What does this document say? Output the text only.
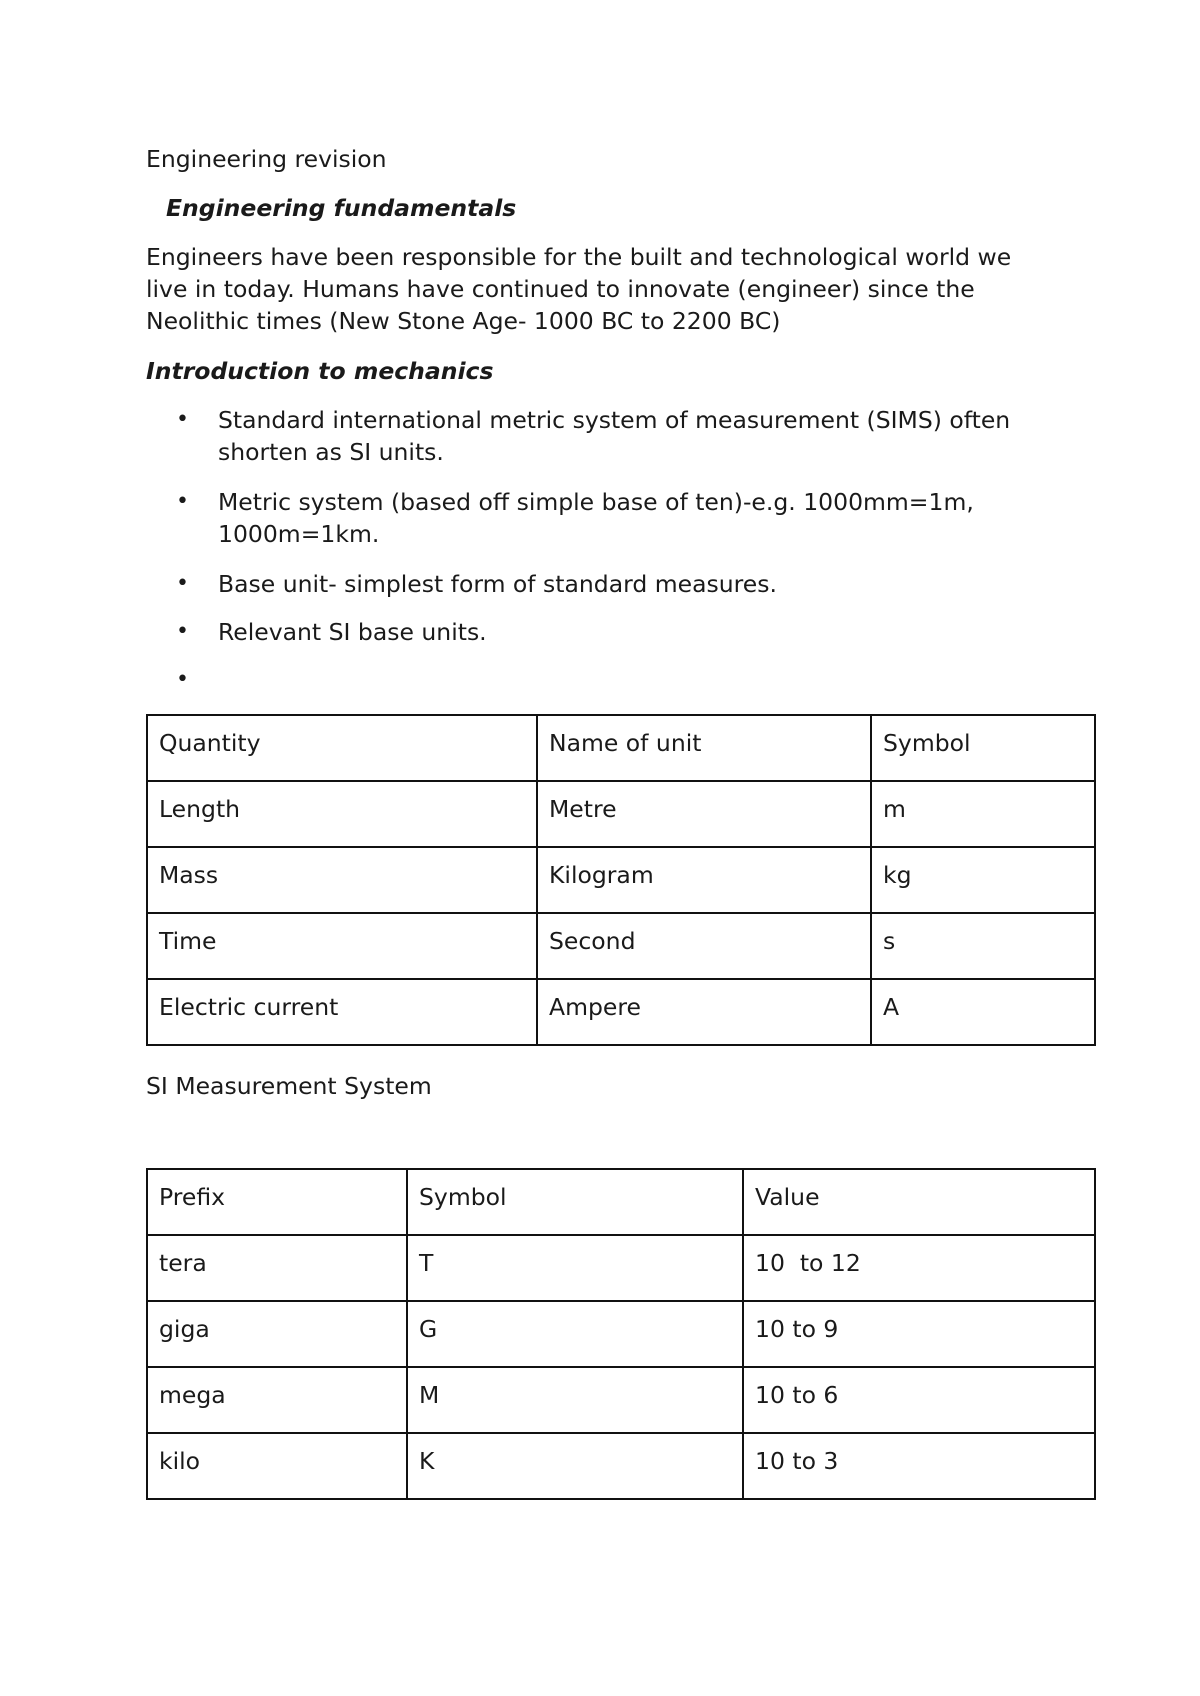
Engineering revision
Engineering fundamentals
Engineers have been responsible for the built and technological world we
live in today. Humans have continued to innovate (engineer) since the
Neolithic times (New Stone Age- 1000 BC to 2200 BC)
Introduction to mechanics
• Standard international metric system of measurement (SIMS) often
shorten as SI units.
• Metric system (based off simple base of ten)-e.g. 1000mm=1m,
1000m=1km.
• Base unit- simplest form of standard measures.
• Relevant SI base units.
•
Quantity	Name of unit	Symbol

Length	Metre	m

Mass	Kilogram	kg

Time	Second	s

Electric current	Ampere	A
SI Measurement System
Prefix	Symbol	Value

tera	T	10  to 12

giga	G	10 to 9

mega	M	10 to 6

kilo	K	10 to 3
